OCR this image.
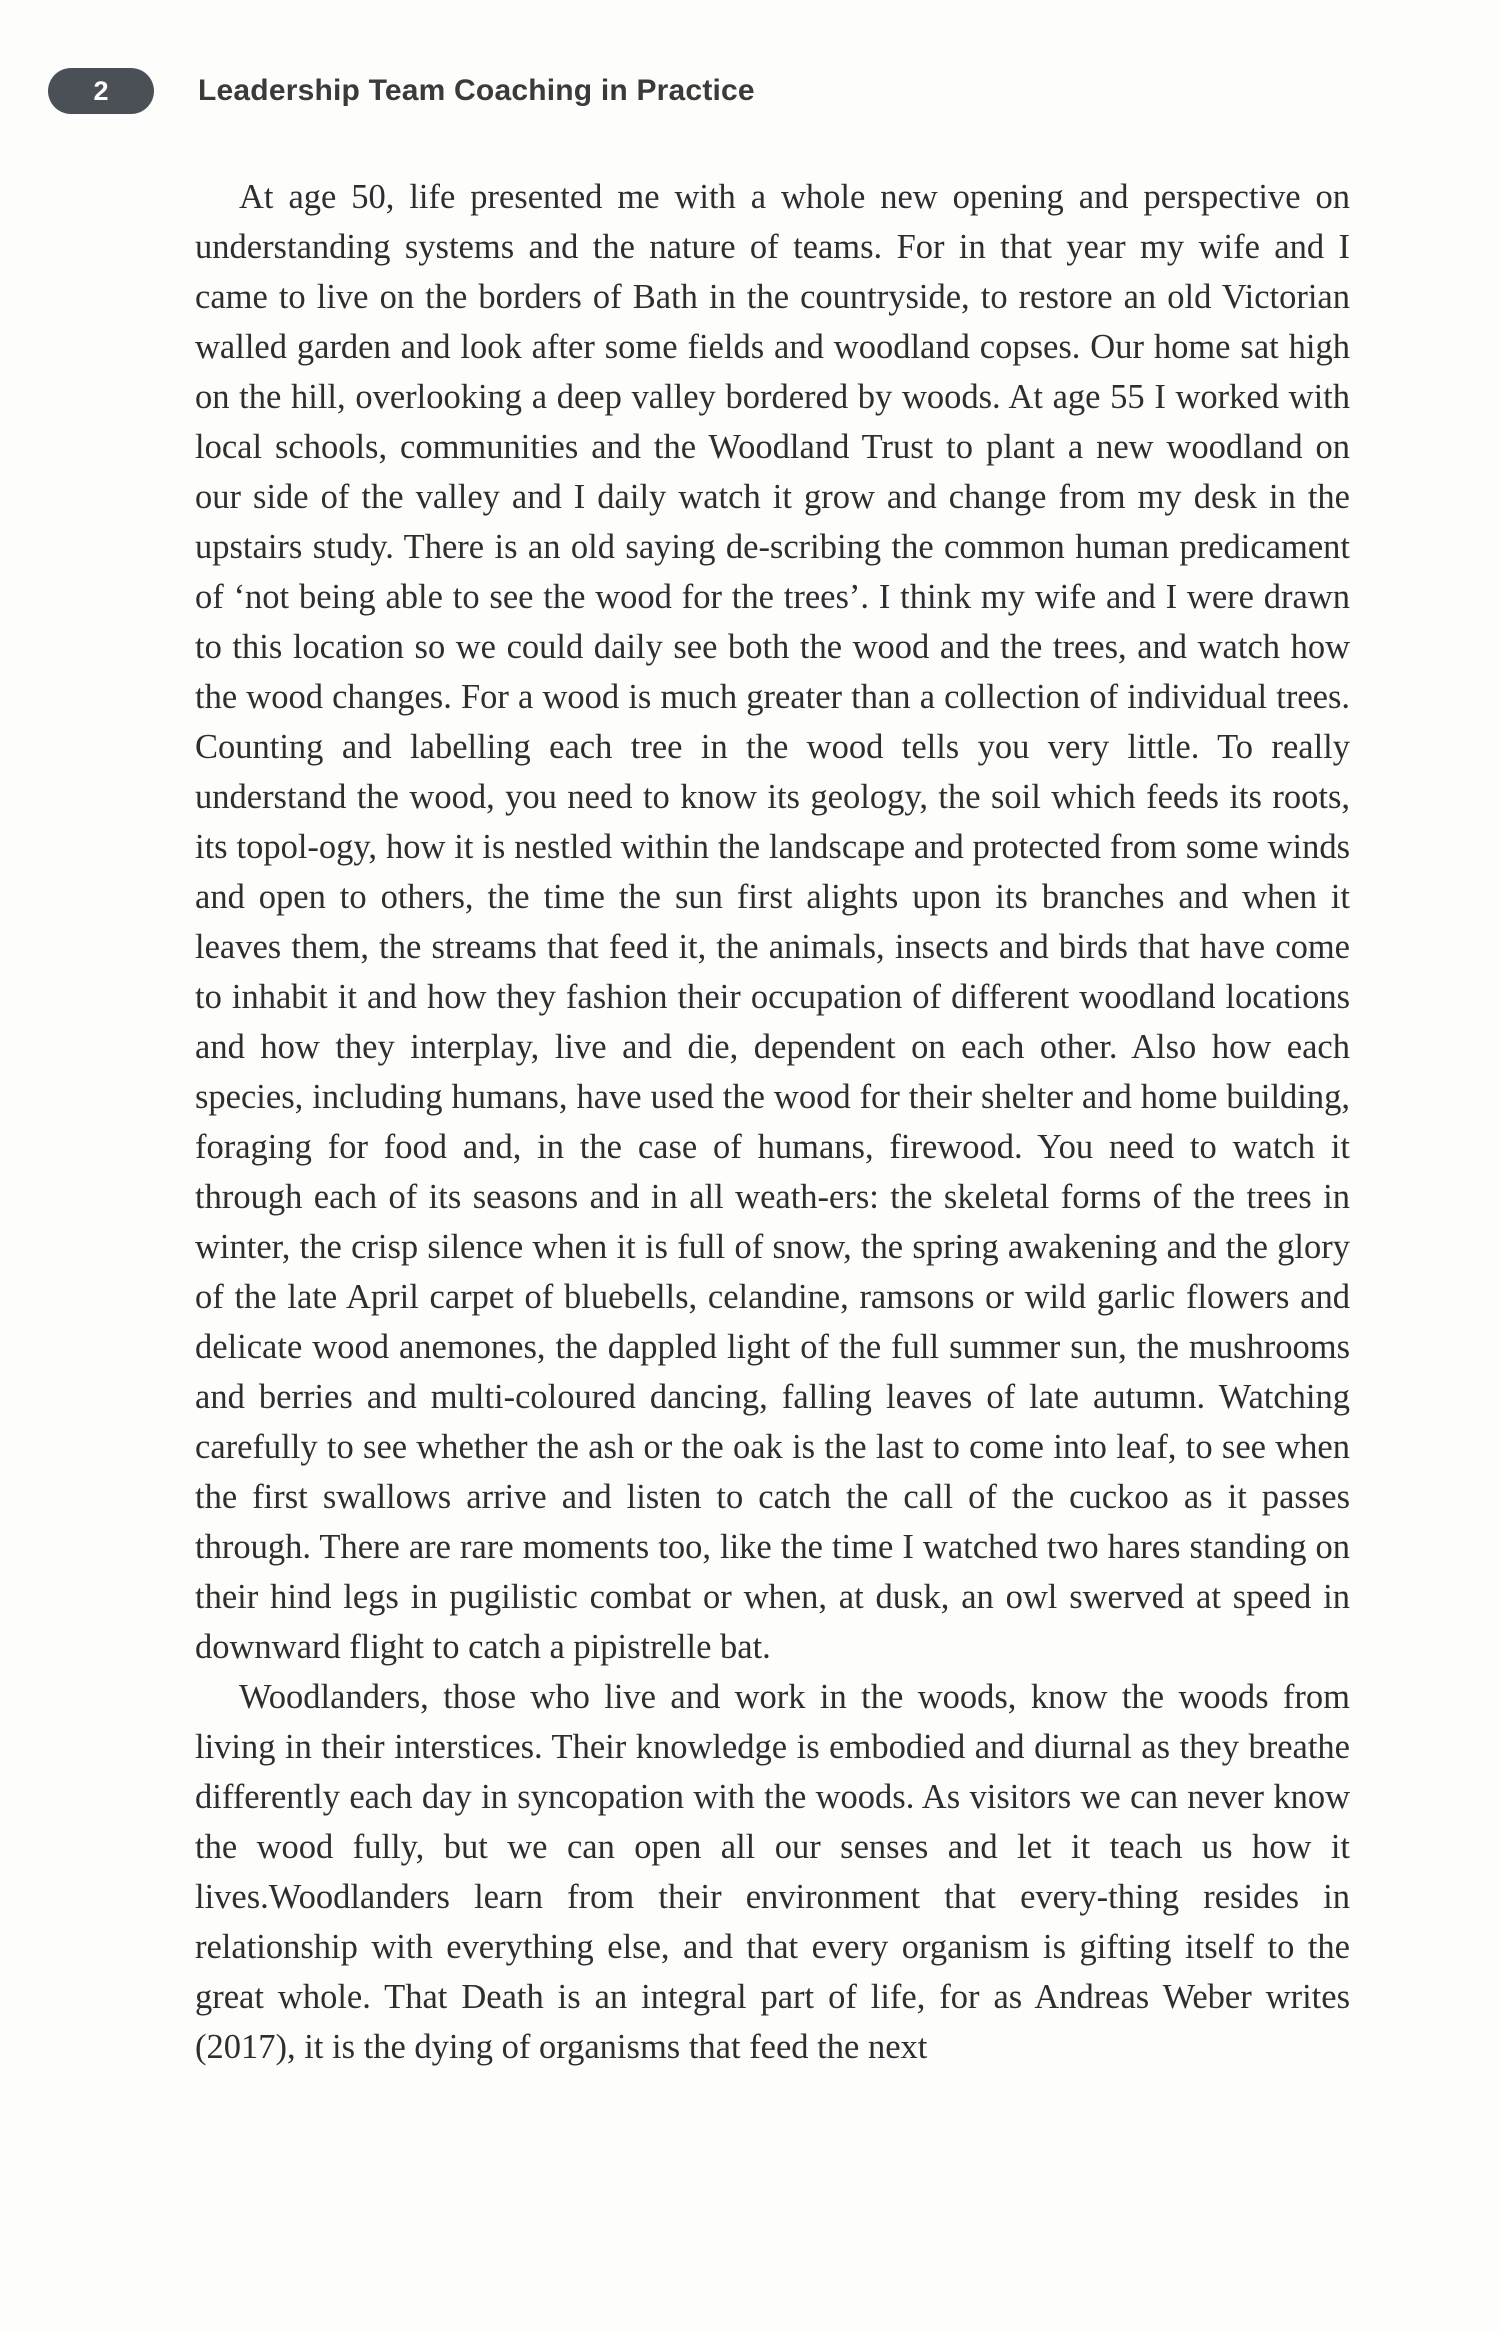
2	Leadership Team Coaching in Practice

At age 50, life presented me with a whole new opening and perspective on understanding systems and the nature of teams. For in that year my wife and I came to live on the borders of Bath in the countryside, to restore an old Victorian walled garden and look after some fields and woodland copses. Our home sat high on the hill, overlooking a deep valley bordered by woods. At age 55 I worked with local schools, communities and the Woodland Trust to plant a new woodland on our side of the valley and I daily watch it grow and change from my desk in the upstairs study. There is an old saying de-scribing the common human predicament of ‘not being able to see the wood for the trees’. I think my wife and I were drawn to this location so we could daily see both the wood and the trees, and watch how the wood changes. For a wood is much greater than a collection of individual trees. Counting and labelling each tree in the wood tells you very little. To really understand the wood, you need to know its geology, the soil which feeds its roots, its topol-ogy, how it is nestled within the landscape and protected from some winds and open to others, the time the sun first alights upon its branches and when it leaves them, the streams that feed it, the animals, insects and birds that have come to inhabit it and how they fashion their occupation of different woodland locations and how they interplay, live and die, dependent on each other. Also how each species, including humans, have used the wood for their shelter and home building, foraging for food and, in the case of humans, firewood. You need to watch it through each of its seasons and in all weath-ers: the skeletal forms of the trees in winter, the crisp silence when it is full of snow, the spring awakening and the glory of the late April carpet of bluebells, celandine, ramsons or wild garlic flowers and delicate wood anemones, the dappled light of the full summer sun, the mushrooms and berries and multi-coloured dancing, falling leaves of late autumn. Watching carefully to see whether the ash or the oak is the last to come into leaf, to see when the first swallows arrive and listen to catch the call of the cuckoo as it passes through. There are rare moments too, like the time I watched two hares standing on their hind legs in pugilistic combat or when, at dusk, an owl swerved at speed in downward flight to catch a pipistrelle bat.

Woodlanders, those who live and work in the woods, know the woods from living in their interstices. Their knowledge is embodied and diurnal as they breathe differently each day in syncopation with the woods. As visitors we can never know the wood fully, but we can open all our senses and let it teach us how it lives.Woodlanders learn from their environment that every-thing resides in relationship with everything else, and that every organism is gifting itself to the great whole. That Death is an integral part of life, for as Andreas Weber writes (2017), it is the dying of organisms that feed the next
